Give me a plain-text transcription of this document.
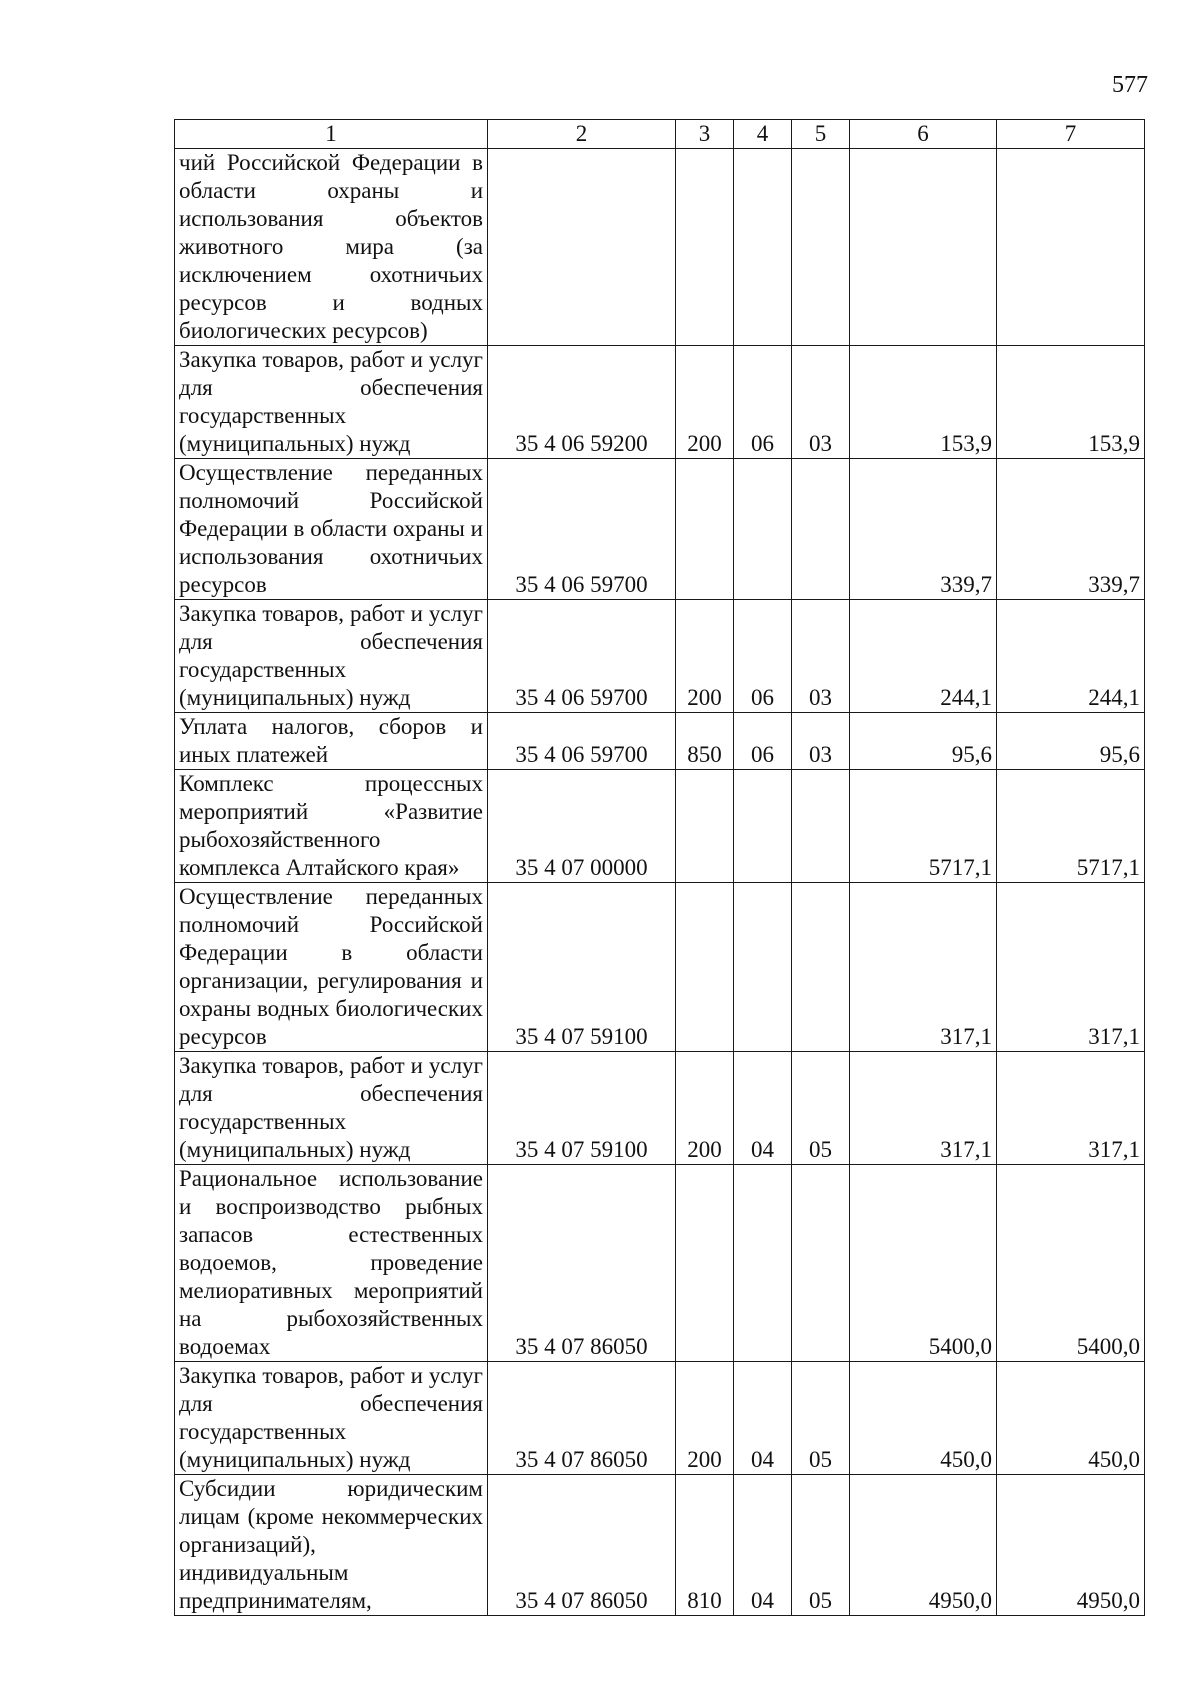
577
1	2	3	4	5	6	7
чий Российской Федерации в области охраны и использования объектов животного мира (за исключением охотничьих ресурсов и водных биологических ресурсов)						
Закупка товаров, работ и услуг для обеспечения государственных (муниципальных) нужд	35 4 06 59200	200	06	03	153,9	153,9
Осуществление переданных полномочий Российской Федерации в области охраны и использования охотничьих ресурсов	35 4 06 59700				339,7	339,7
Закупка товаров, работ и услуг для обеспечения государственных (муниципальных) нужд	35 4 06 59700	200	06	03	244,1	244,1
Уплата налогов, сборов и иных платежей	35 4 06 59700	850	06	03	95,6	95,6
Комплекс процессных мероприятий «Развитие рыбохозяйственного комплекса Алтайского края»	35 4 07 00000				5717,1	5717,1
Осуществление переданных полномочий Российской Федерации в области организации, регулирования и охраны водных биологических ресурсов	35 4 07 59100				317,1	317,1
Закупка товаров, работ и услуг для обеспечения государственных (муниципальных) нужд	35 4 07 59100	200	04	05	317,1	317,1
Рациональное использование и воспроизводство рыбных запасов естественных водоемов, проведение мелиоративных мероприятий на рыбохозяйственных водоемах	35 4 07 86050				5400,0	5400,0
Закупка товаров, работ и услуг для обеспечения государственных (муниципальных) нужд	35 4 07 86050	200	04	05	450,0	450,0
Субсидии юридическим лицам (кроме некоммерческих организаций), индивидуальным предпринимателям,	35 4 07 86050	810	04	05	4950,0	4950,0
